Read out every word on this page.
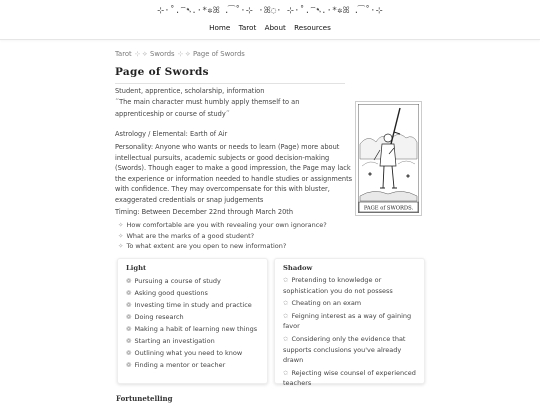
⊹·˚.⁀➷.·*✲ꕤ ꓸ⁀˚·⊹ ·ꕤ◌· ⊹·˚.⁀➷.·*✲ꕤ ꓸ⁀˚·⊹
Home Tarot About Resources
Tarot ⊹ ⟡ Swords ⊹ ⟡ Page of Swords
Page of Swords
Student, apprentice, scholarship, information
“The main character must humbly apply themself to an apprenticeship or course of study”
Astrology / Elemental: Earth of Air
Personality: Anyone who wants or needs to learn (Page) more about intellectual pursuits, academic subjects or good decision-making (Swords). Though eager to make a good impression, the Page may lack the experience or information needed to handle studies or assignments with confidence. They may overcompensate for this with bluster, exaggerated credentials or snap judgements
Timing: Between December 22nd through March 20th
✧ How comfortable are you with revealing your own ignorance?
✧ What are the marks of a good student?
✧ To what extent are you open to new information?
PAGE of SWORDS.
Light
❁ Pursuing a course of study
❁ Asking good questions
❁ Investing time in study and practice
❁ Doing research
❁ Making a habit of learning new things
❁ Starting an investigation
❁ Outlining what you need to know
❁ Finding a mentor or teacher
Shadow
✩ Pretending to knowledge or sophistication you do not possess
✩ Cheating on an exam
✩ Feigning interest as a way of gaining favor
✩ Considering only the evidence that supports conclusions you've already drawn
✩ Rejecting wise counsel of experienced teachers
Fortunetelling
